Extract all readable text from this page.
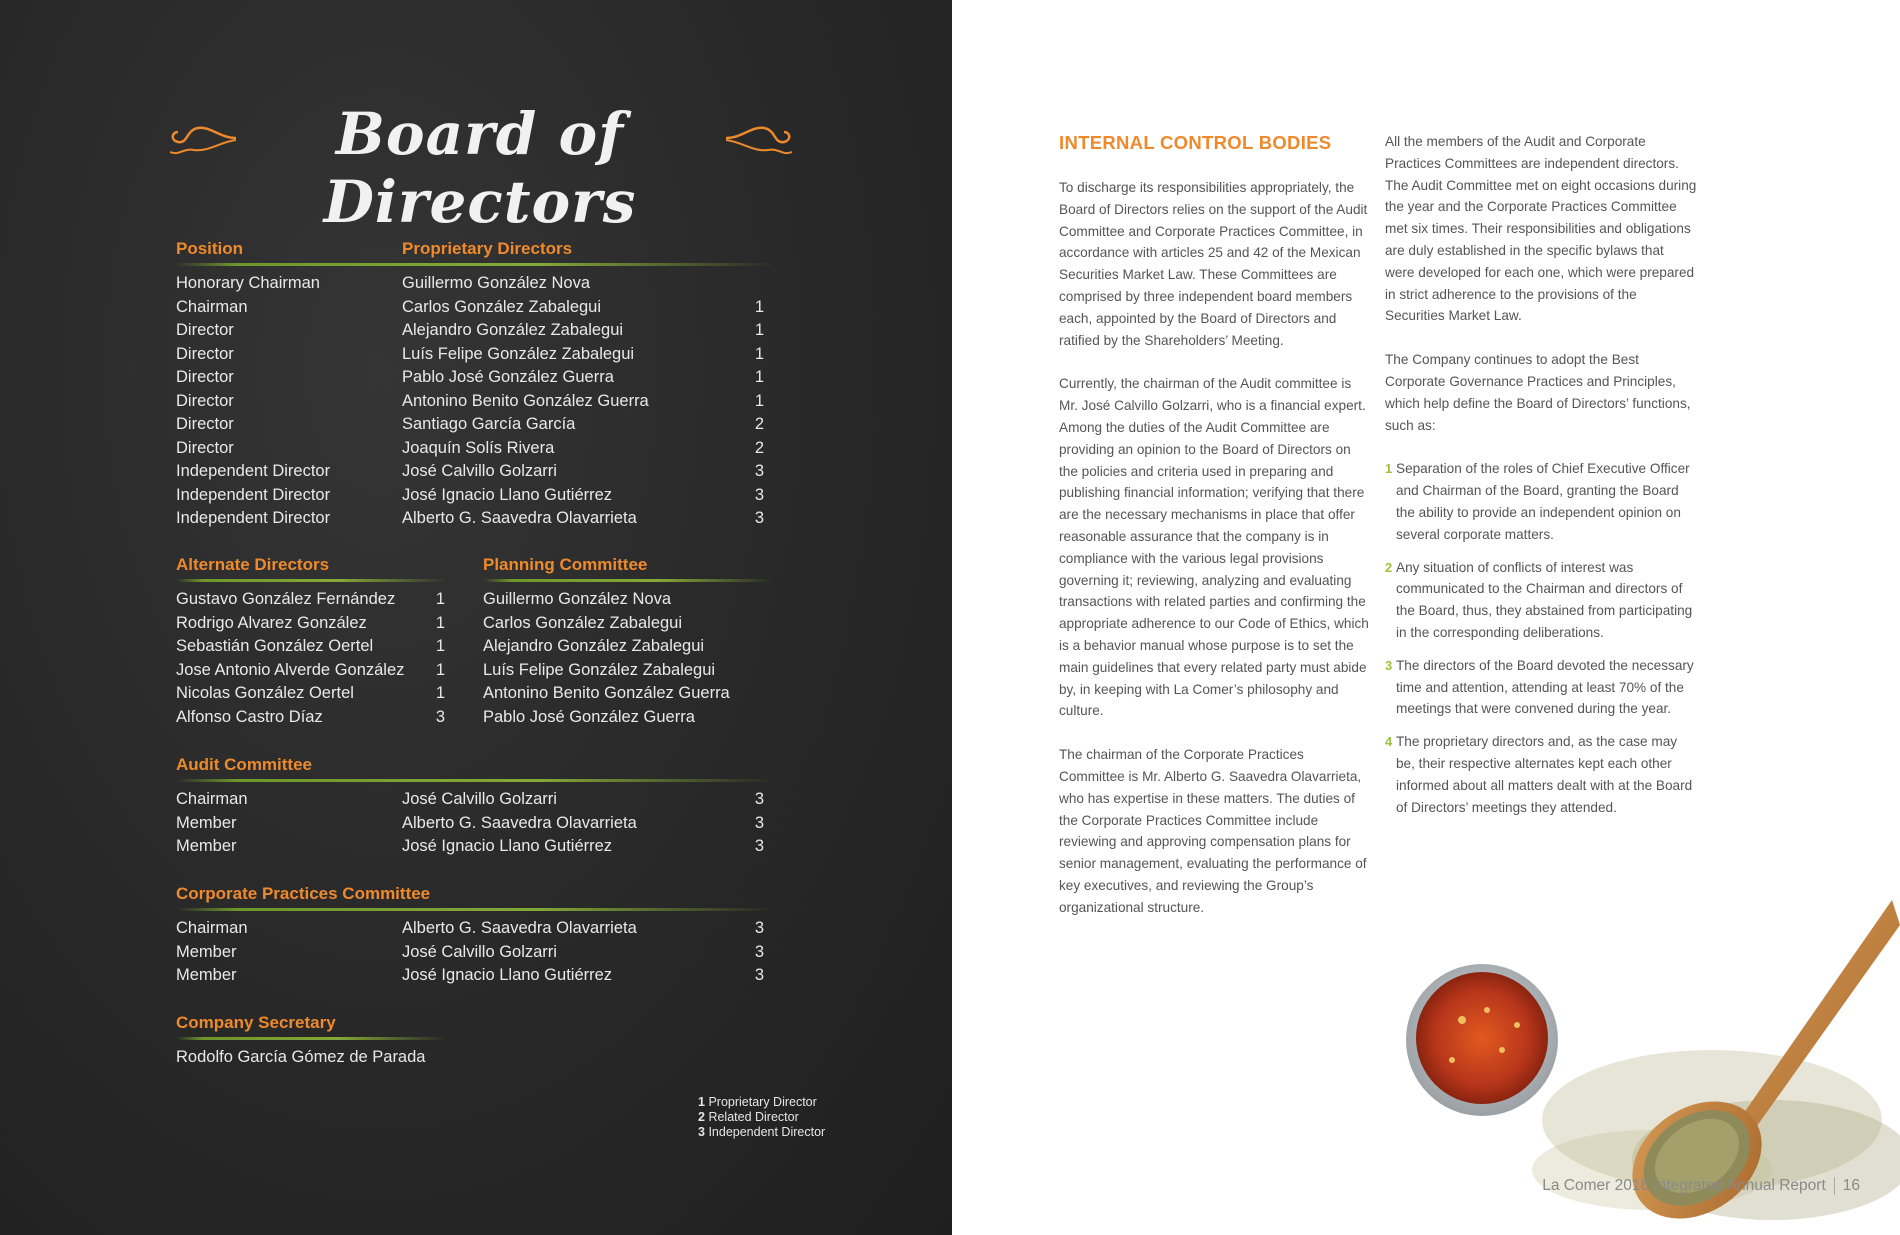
Board of Directors
Position	Proprietary Directors
Honorary Chairman	Guillermo González Nova
Chairman	Carlos González Zabalegui	1
Director	Alejandro González Zabalegui	1
Director	Luís Felipe González Zabalegui	1
Director	Pablo José González Guerra	1
Director	Antonino Benito González Guerra	1
Director	Santiago García García	2
Director	Joaquín Solís Rivera	2
Independent Director	José Calvillo Golzarri	3
Independent Director	José Ignacio Llano Gutiérrez	3
Independent Director	Alberto G. Saavedra Olavarrieta	3
Alternate Directors
Gustavo González Fernández 1
Rodrigo Alvarez González	1
Sebastián González Oertel	1
Jose Antonio Alverde González 1
Nicolas González Oertel	1
Alfonso Castro Díaz	3
Planning Committee
Guillermo González Nova
Carlos González Zabalegui
Alejandro González Zabalegui
Luís Felipe González Zabalegui
Antonino Benito González Guerra
Pablo José González Guerra
Audit Committee
Chairman	José Calvillo Golzarri	3
Member	Alberto G. Saavedra Olavarrieta	3
Member	José Ignacio Llano Gutiérrez	3
Corporate Practices Committee
Chairman	Alberto G. Saavedra Olavarrieta	3
Member	José Calvillo Golzarri	3
Member	José Ignacio Llano Gutiérrez	3
Company Secretary
Rodolfo García Gómez de Parada
1 Proprietary Director
2 Related Director
3 Independent Director
INTERNAL CONTROL BODIES

To discharge its responsibilities appropriately, the Board of Directors relies on the support of the Audit Committee and Corporate Practices Committee, in accordance with articles 25 and 42 of the Mexican Securities Market Law. These Committees are comprised by three independent board members each, appointed by the Board of Directors and ratified by the Shareholders’ Meeting.

Currently, the chairman of the Audit committee is Mr. José Calvillo Golzarri, who is a financial expert. Among the duties of the Audit Committee are providing an opinion to the Board of Directors on the policies and criteria used in preparing and publishing financial information; verifying that there are the necessary mechanisms in place that offer reasonable assurance that the company is in compliance with the various legal provisions governing it; reviewing, analyzing and evaluating transactions with related parties and confirming the appropriate adherence to our Code of Ethics, which is a behavior manual whose purpose is to set the main guidelines that every related party must abide by, in keeping with La Comer’s philosophy and culture.

The chairman of the Corporate Practices Committee is Mr. Alberto G. Saavedra Olavarrieta, who has expertise in these matters. The duties of the Corporate Practices Committee include reviewing and approving compensation plans for senior management, evaluating the performance of key executives, and reviewing the Group’s organizational structure.

All the members of the Audit and Corporate Practices Committees are independent directors. The Audit Committee met on eight occasions during the year and the Corporate Practices Committee met six times. Their responsibilities and obligations are duly established in the specific bylaws that were developed for each one, which were prepared in strict adherence to the provisions of the Securities Market Law.

The Company continues to adopt the Best Corporate Governance Practices and Principles, which help define the Board of Directors’ functions, such as:

1 Separation of the roles of Chief Executive Officer and Chairman of the Board, granting the Board the ability to provide an independent opinion on several corporate matters.
2 Any situation of conflicts of interest was communicated to the Chairman and directors of the Board, thus, they abstained from participating in the corresponding deliberations.
3 The directors of the Board devoted the necessary time and attention, attending at least 70% of the meetings that were convened during the year.
4 The proprietary directors and, as the case may be, their respective alternates kept each other informed about all matters dealt with at the Board of Directors’ meetings they attended.
La Comer 2018 Integrated Annual Report 16
